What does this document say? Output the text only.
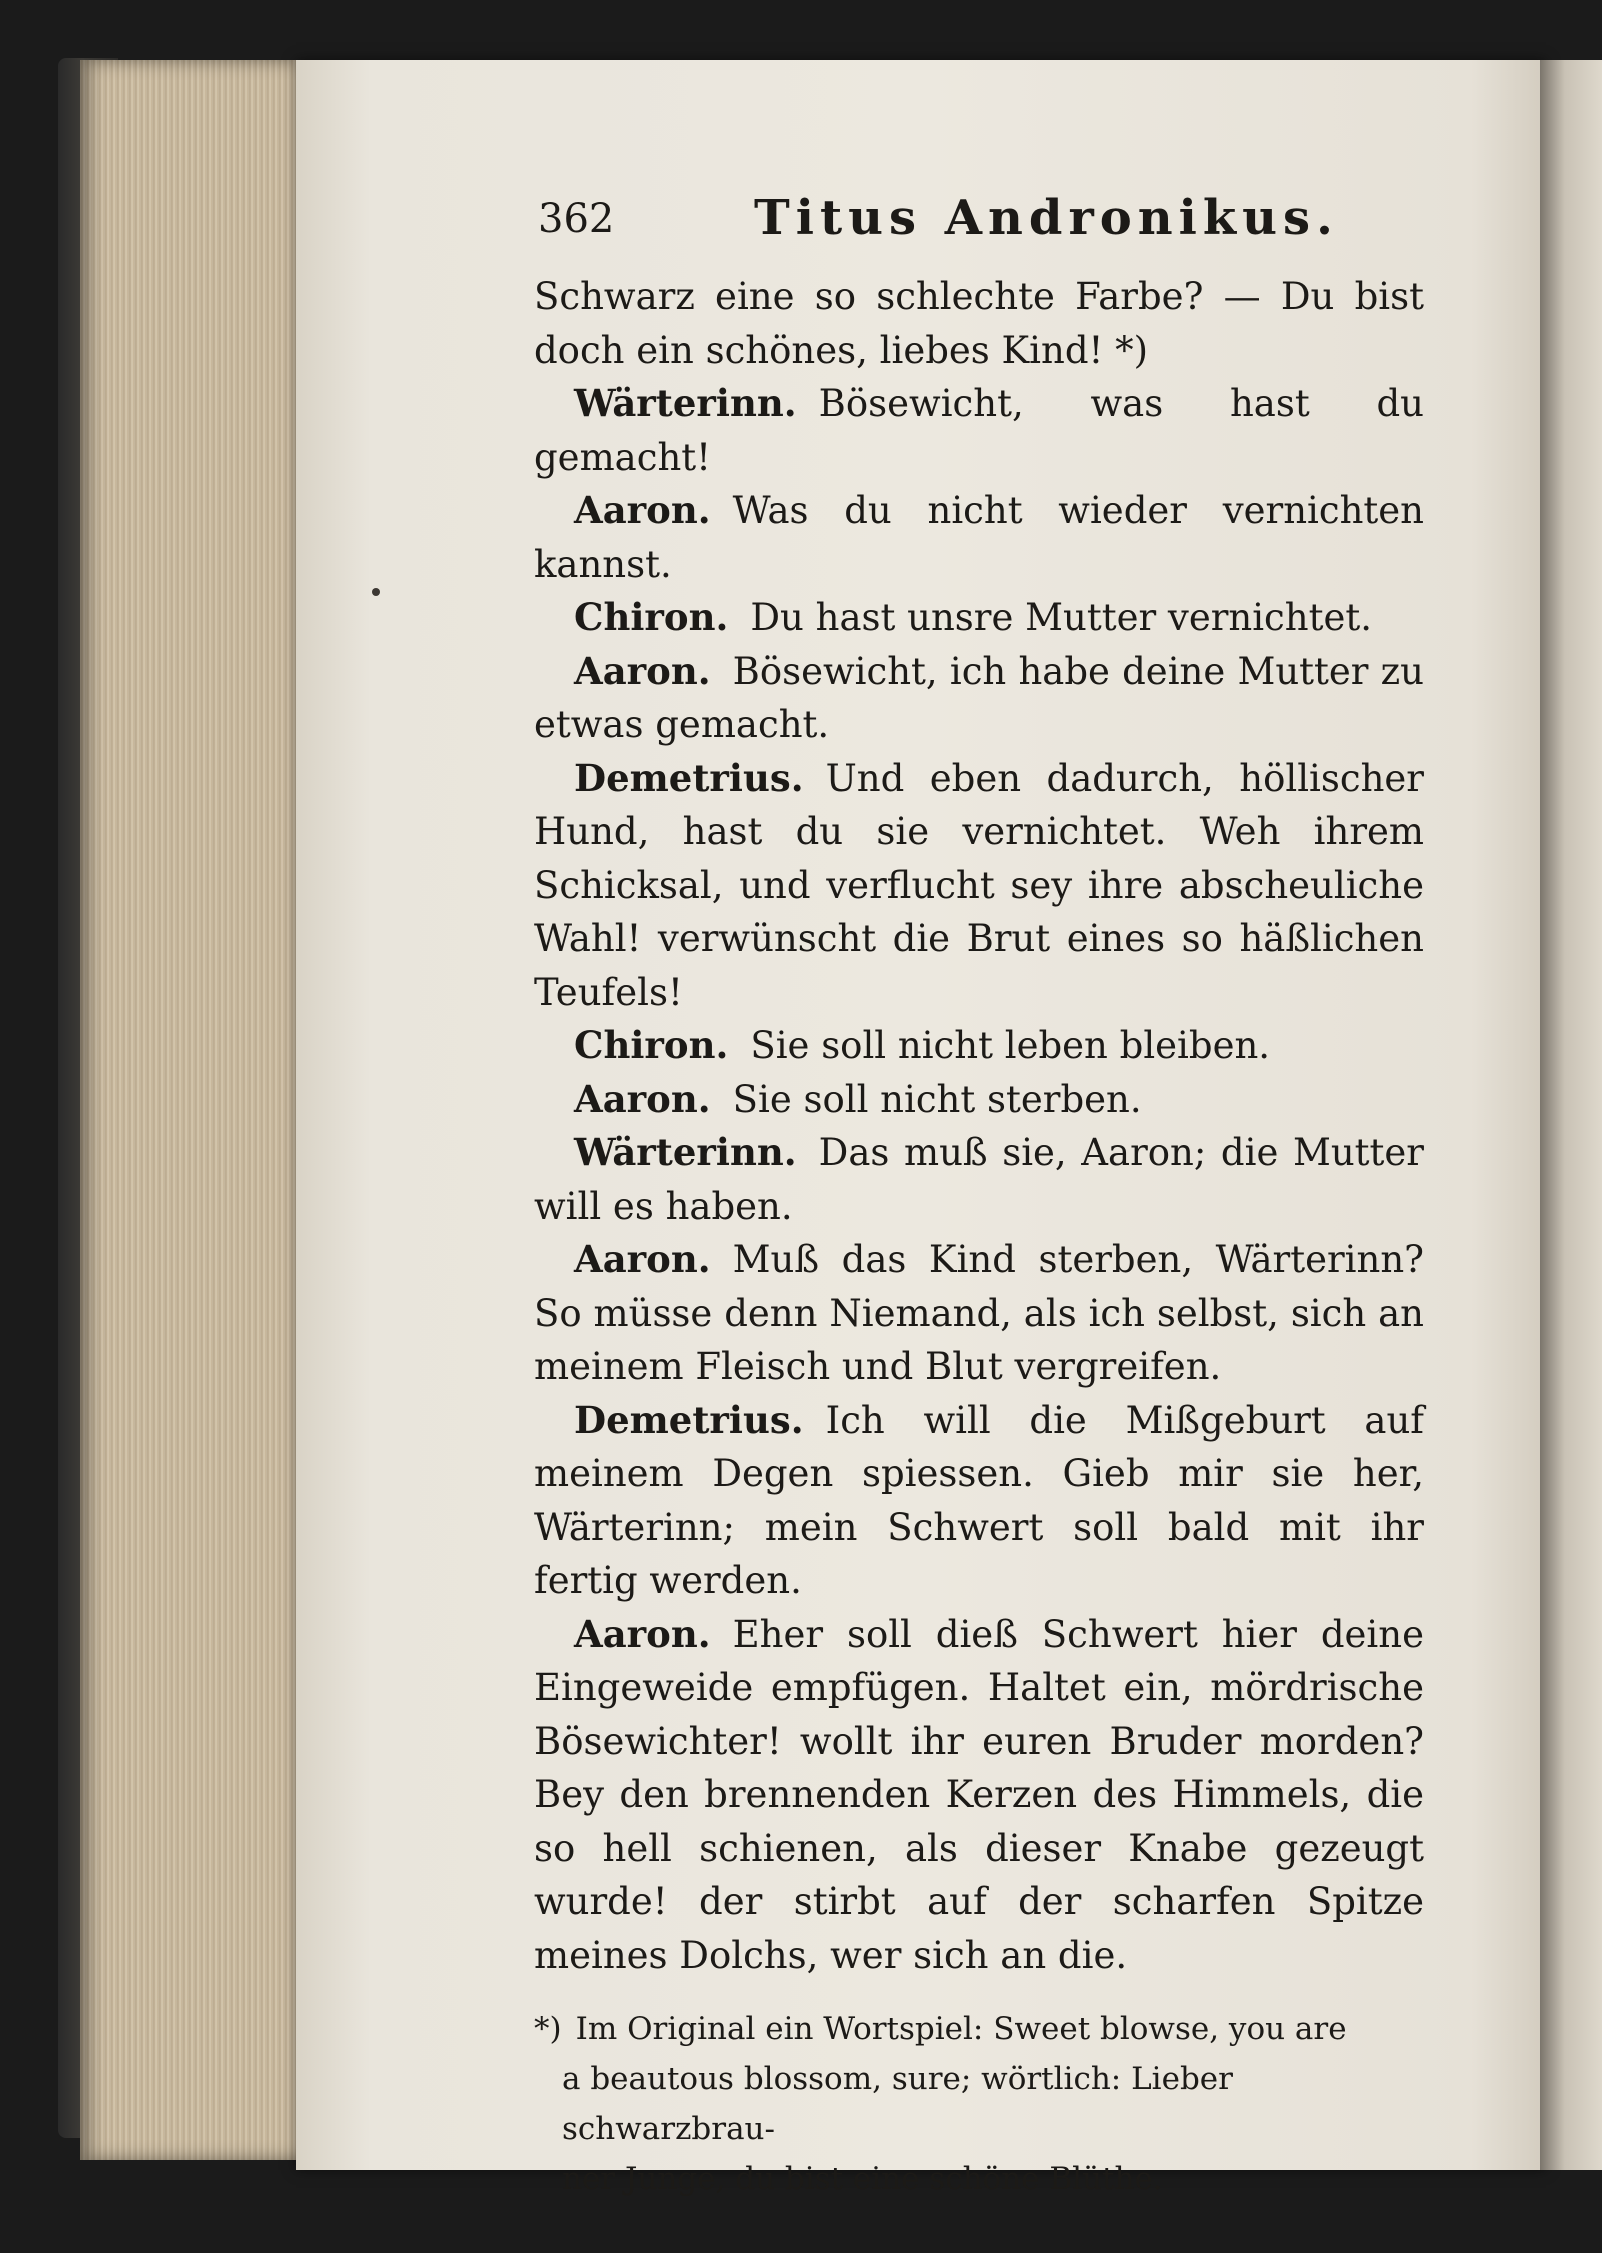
362	Titus Andronikus.

Schwarz eine so schlechte Farbe? — Du bist doch ein schönes, liebes Kind! *)

Wärterinn. Bösewicht, was hast du gemacht!

Aaron. Was du nicht wieder vernichten kannst.

Chiron. Du hast unsre Mutter vernichtet.

Aaron. Bösewicht, ich habe deine Mutter zu etwas gemacht.

Demetrius. Und eben dadurch, höllischer Hund, hast du sie vernichtet. Weh ihrem Schicksal, und verflucht sey ihre abscheuliche Wahl! verwünscht die Brut eines so häßlichen Teufels!

Chiron. Sie soll nicht leben bleiben.

Aaron. Sie soll nicht sterben.

Wärterinn. Das muß sie, Aaron; die Mutter will es haben.

Aaron. Muß das Kind sterben, Wärterinn? So müsse denn Niemand, als ich selbst, sich an meinem Fleisch und Blut vergreifen.

Demetrius. Ich will die Mißgeburt auf meinem Degen spiessen. Gieb mir sie her, Wärterinn; mein Schwert soll bald mit ihr fertig werden.

Aaron. Eher soll dieß Schwert hier deine Eingeweide empfügen. Haltet ein, mördrische Bösewichter! wollt ihr euren Bruder morden? Bey den brennenden Kerzen des Himmels, die so hell schienen, als dieser Knabe gezeugt wurde! der stirbt auf der scharfen Spitze meines Dolchs, wer sich an die.

*) Im Original ein Wortspiel: Sweet blowse, you are

a beautous blossom, sure; wörtlich: Lieber schwarzbrau-

ner Junge, du bist eine schöne Blüthe.
